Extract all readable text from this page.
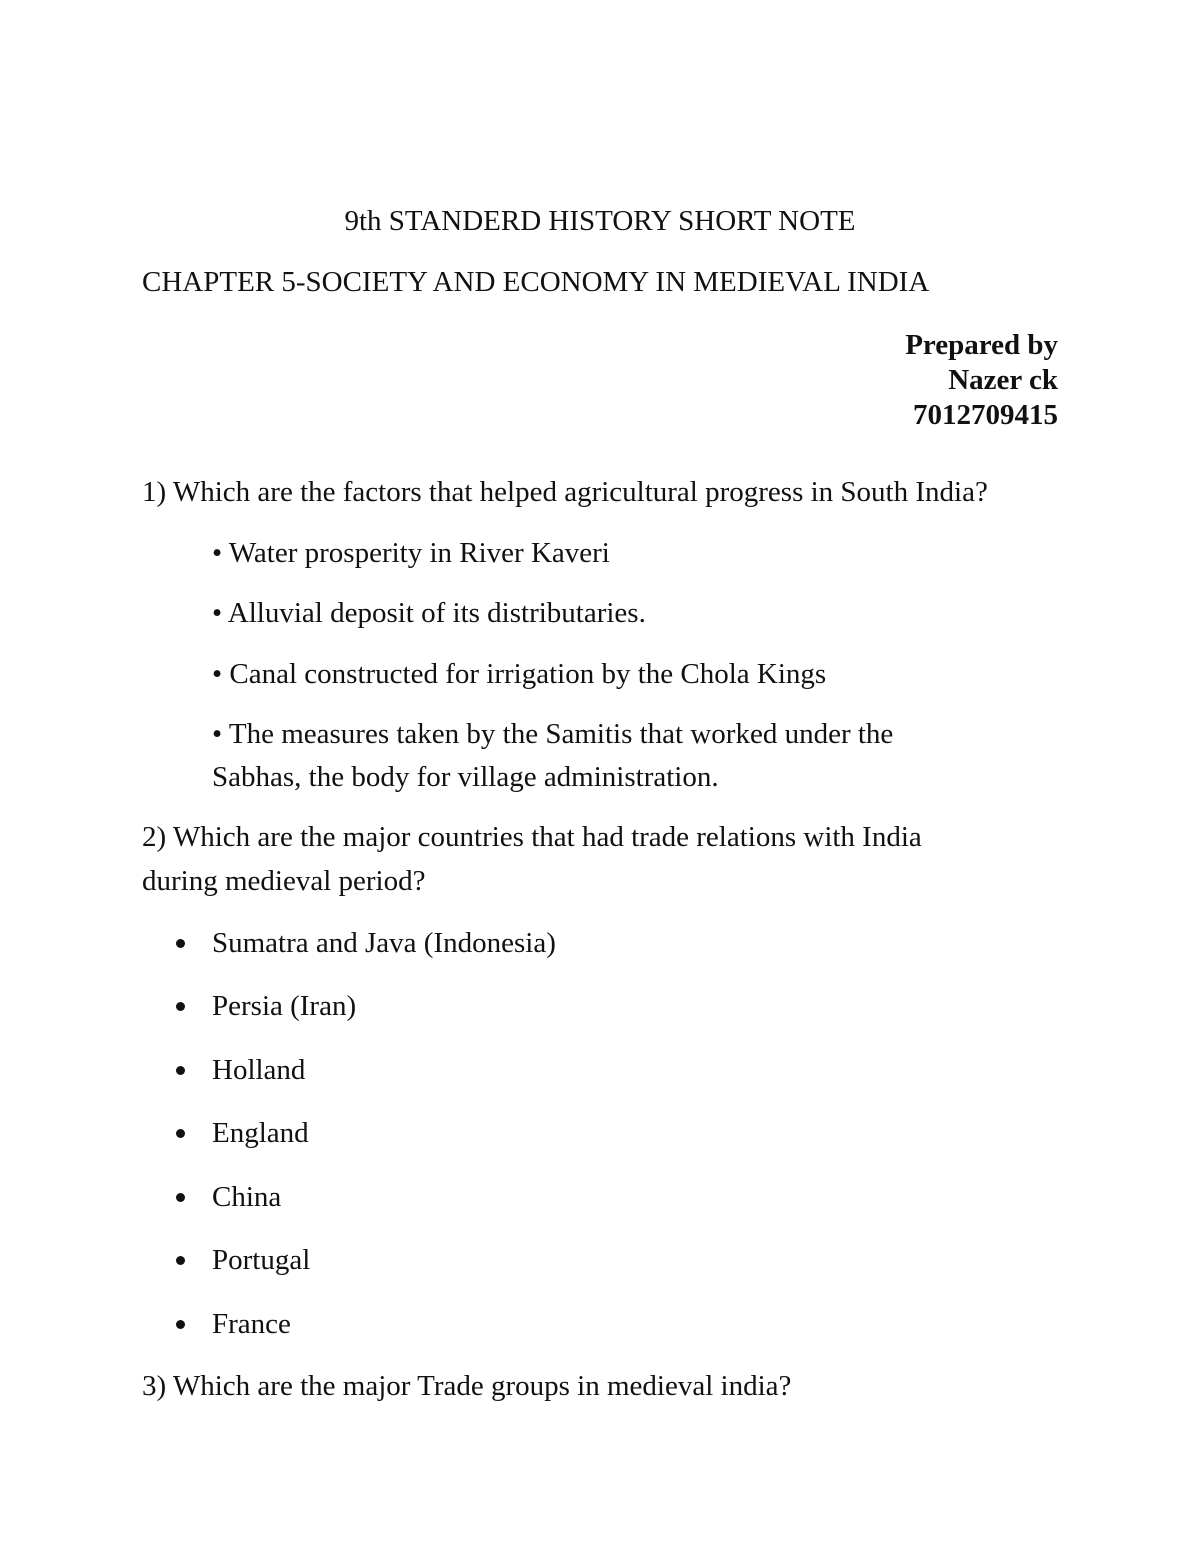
9th STANDERD HISTORY SHORT NOTE
CHAPTER 5-SOCIETY AND ECONOMY IN MEDIEVAL INDIA
Prepared by
Nazer ck
7012709415
1) Which are the factors that helped agricultural progress in South India?
• Water prosperity in River Kaveri
• Alluvial deposit of its distributaries.
• Canal constructed for irrigation by the Chola Kings
• The measures taken by the Samitis that worked under the
Sabhas, the body for village administration.
2) Which are the major countries that had trade relations with India
during medieval period?
Sumatra and Java (Indonesia)
Persia (Iran)
Holland
England
China
Portugal
France
3) Which are the major Trade groups in medieval india?
